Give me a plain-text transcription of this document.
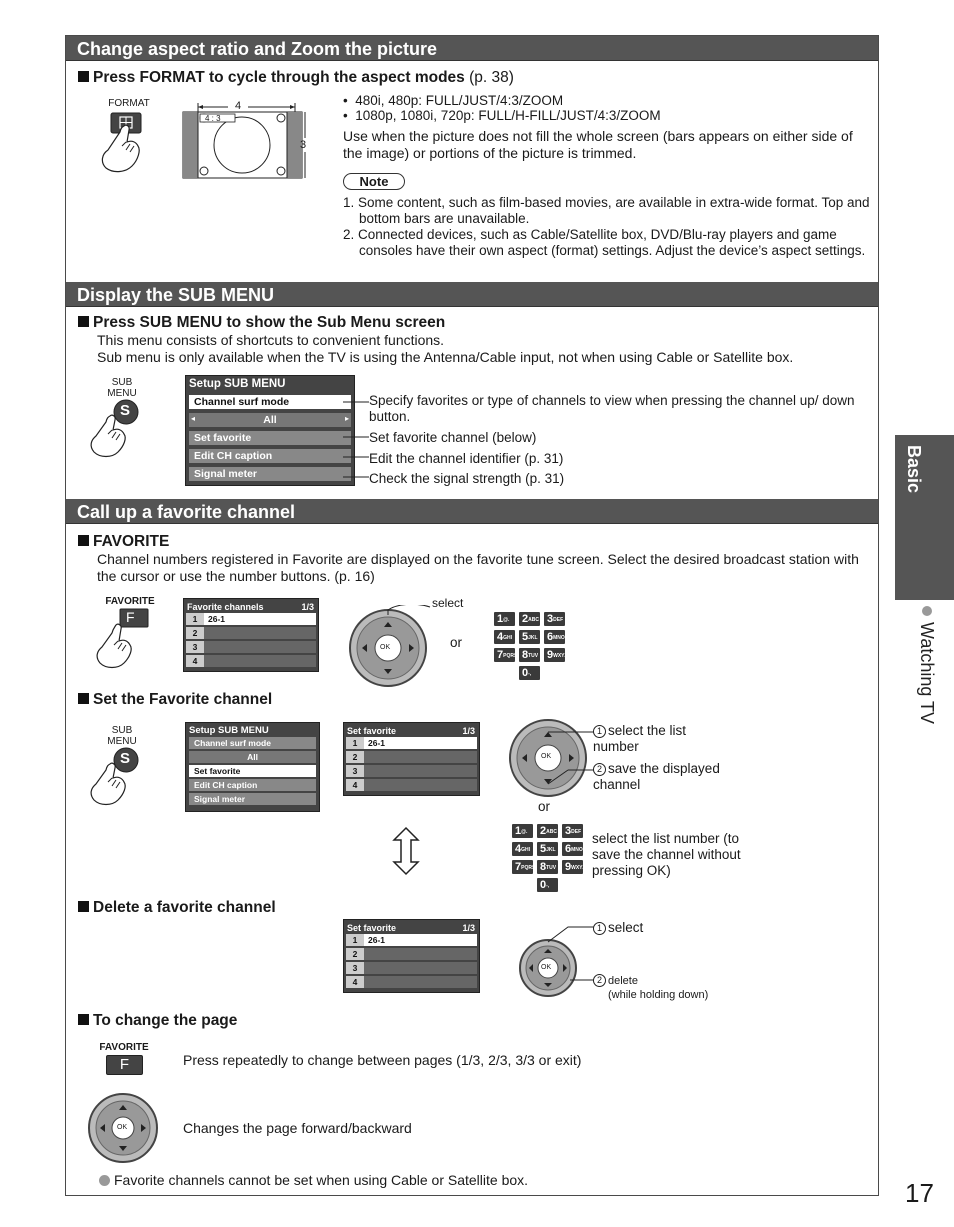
Change aspect ratio and Zoom the picture
Press FORMAT to cycle through the aspect modes (p. 38)
FORMAT
4 : 3
4
3
•  480i, 480p: FULL/JUST/4:3/ZOOM
•  1080p, 1080i, 720p: FULL/H-FILL/JUST/4:3/ZOOM
Use when the picture does not fill the whole screen (bars appears on either side of the image) or portions of the picture is trimmed.
Note
1. Some content, such as film-based movies, are available in extra-wide format. Top and bottom bars are unavailable.
2. Connected devices, such as Cable/Satellite box, DVD/Blu-ray players and game consoles have their own aspect (format) settings. Adjust the device’s aspect settings.
Display the SUB MENU
Press SUB MENU to show the Sub Menu screen
This menu consists of shortcuts to convenient functions.
Sub menu is only available when the TV is using the Antenna/Cable input, not when using Cable or Satellite box.
SUB
MENU
S
Setup SUB MENU
Channel surf mode
All
◂	▸
Set favorite
Edit CH caption
Signal meter
Specify favorites or type of channels to view when pressing the channel up/ down button.
Set favorite channel (below)
Edit the channel identifier (p. 31)
Check the signal strength (p. 31)
Call up a favorite channel
FAVORITE
Channel numbers registered in Favorite are displayed on the favorite tune screen. Select the desired broadcast station with the cursor or use the number buttons. (p. 16)
FAVORITE
F
Favorite channels	1/3
1	26-1
2
3
4
OK
select
or
1@.	2ABC 3DEF
4GHI 5JKL 6MNO
7PQRS 8TUV 9WXYZ
0-,
Set the Favorite channel
SUB
MENU
S
Setup SUB MENU
Channel surf mode
All
Set favorite
Edit CH caption
Signal meter
Set favorite	1/3
1	26-1
2
3
4
OK
1 select the list number
2 save the displayed channel
or
1@.	2ABC 3DEF
4GHI 5JKL 6MNO
7PQRS 8TUV 9WXYZ
0-,
select the list number (to save the channel without pressing OK)
Delete a favorite channel
Set favorite	1/3
1	26-1
2
3
4
OK
1 select
2 delete
(while holding down)
To change the page
FAVORITE
F	Press repeatedly to change between pages (1/3, 2/3, 3/3 or exit)
OK	Changes the page forward/backward
Favorite channels cannot be set when using Cable or Satellite box.
Basic
Watching TV
17
